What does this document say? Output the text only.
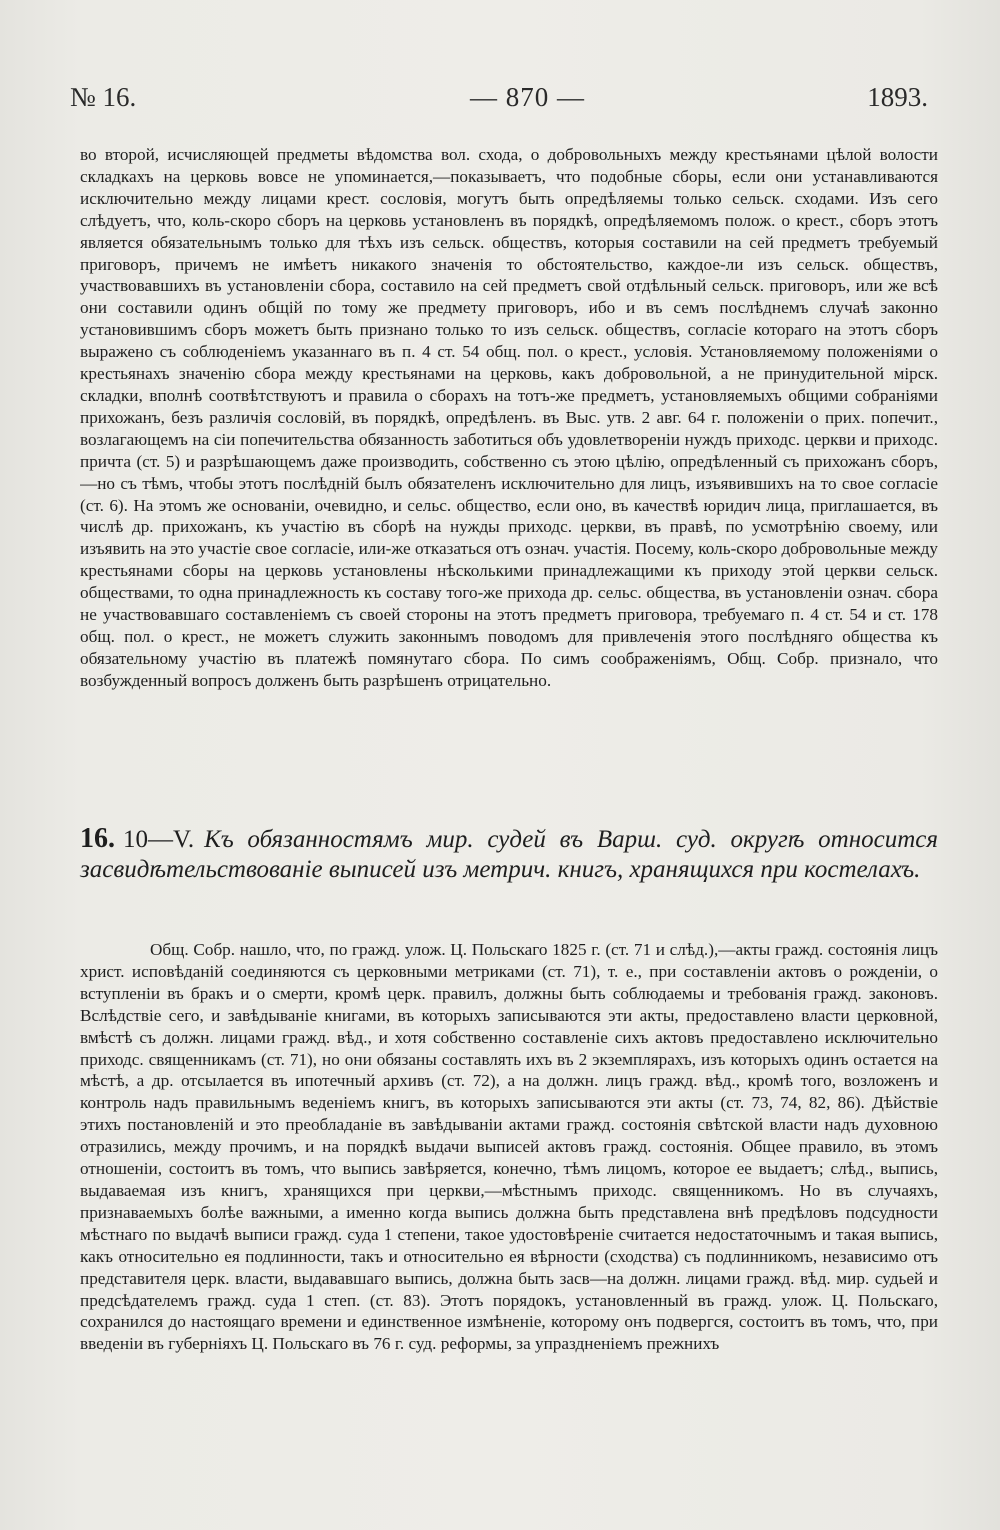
№ 16.	— 870 —	1893.

во второй, исчисляющей предметы вѣдомства вол. схода, о добровольныхъ между крестьянами цѣлой волости складкахъ на церковь вовсе не упоминается,—показываетъ, что подобные сборы, если они устанавливаются исключительно между лицами крест. сословія, могутъ быть опредѣляемы только сельск. сходами. Изъ сего слѣдуетъ, что, коль-скоро сборъ на церковь установленъ въ порядкѣ, опредѣляемомъ полож. о крест., сборъ этотъ является обязательнымъ только для тѣхъ изъ сельск. обществъ, которыя составили на сей предметъ требуемый приговоръ, причемъ не имѣетъ никакого значенія то обстоятельство, каждое-ли изъ сельск. обществъ, участвовавшихъ въ установленіи сбора, составило на сей предметъ свой отдѣльный сельск. приговоръ, или же всѣ они составили одинъ общій по тому же предмету приговоръ, ибо и въ семъ послѣднемъ случаѣ законно установившимъ сборъ можетъ быть признано только то изъ сельск. обществъ, согласіе котораго на этотъ сборъ выражено съ соблюденіемъ указаннаго въ п. 4 ст. 54 общ. пол. о крест., условія. Установляемому положеніями о крестьянахъ значенію сбора между крестьянами на церковь, какъ добровольной, а не принудительной мірск. складки, вполнѣ соотвѣтствуютъ и правила о сборахъ на тотъ-же предметъ, установляемыхъ общими собраніями прихожанъ, безъ различія сословій, въ порядкѣ, опредѣленъ. въ Выс. утв. 2 авг. 64 г. положеніи о прих. попечит., возлагающемъ на сіи попечительства обязанность заботиться объ удовлетвореніи нуждъ приходс. церкви и приходс. причта (ст. 5) и разрѣшающемъ даже производить, собственно съ этою цѣлію, опредѣленный съ прихожанъ сборъ,—но съ тѣмъ, чтобы этотъ послѣдній былъ обязателенъ исключительно для лицъ, изъявившихъ на то свое согласіе (ст. 6). На этомъ же основаніи, очевидно, и сельс. общество, если оно, въ качествѣ юридич лица, приглашается, въ числѣ др. прихожанъ, къ участію въ сборѣ на нужды приходс. церкви, въ правѣ, по усмотрѣнію своему, или изъявить на это участіе свое согласіе, или-же отказаться отъ означ. участія. Посему, коль-скоро добровольные между крестьянами сборы на церковь установлены нѣсколькими принадлежащими къ приходу этой церкви сельск. обществами, то одна принадлежность къ составу того-же прихода др. сельс. общества, въ установленіи означ. сбора не участвовавшаго составленіемъ съ своей стороны на этотъ предметъ приговора, требуемаго п. 4 ст. 54 и ст. 178 общ. пол. о крест., не можетъ служить законнымъ поводомъ для привлеченія этого послѣдняго общества къ обязательному участію въ платежѣ помянутаго сбора. По симъ соображеніямъ, Общ. Собр. признало, что возбужденный вопросъ долженъ быть разрѣшенъ отрицательно.

16. 10—V. Къ обязанностямъ мир. судей въ Варш. суд. округѣ относится засвидѣтельствованіе выписей изъ метрич. книгъ, хранящихся при костелахъ.

Общ. Собр. нашло, что, по гражд. улож. Ц. Польскаго 1825 г. (ст. 71 и слѣд.),—акты гражд. состоянія лицъ христ. исповѣданій соединяются съ церковными метриками (ст. 71), т. е., при составленіи актовъ о рожденіи, о вступленіи въ бракъ и о смерти, кромѣ церк. правилъ, должны быть соблюдаемы и требованія гражд. законовъ. Вслѣдствіе сего, и завѣдываніе книгами, въ которыхъ записываются эти акты, предоставлено власти церковной, вмѣстѣ съ должн. лицами гражд. вѣд., и хотя собственно составленіе сихъ актовъ предоставлено исключительно приходс. священникамъ (ст. 71), но они обязаны составлять ихъ въ 2 экземплярахъ, изъ которыхъ одинъ остается на мѣстѣ, а др. отсылается въ ипотечный архивъ (ст. 72), а на должн. лицъ гражд. вѣд., кромѣ того, возложенъ и контроль надъ правильнымъ веденіемъ книгъ, въ которыхъ записываются эти акты (ст. 73, 74, 82, 86). Дѣйствіе этихъ постановленій и это преобладаніе въ завѣдываніи актами гражд. состоянія свѣтской власти надъ духовною отразились, между прочимъ, и на порядкѣ выдачи выписей актовъ гражд. состоянія. Общее правило, въ этомъ отношеніи, состоитъ въ томъ, что выпись завѣряется, конечно, тѣмъ лицомъ, которое ее выдаетъ; слѣд., выпись, выдаваемая изъ книгъ, хранящихся при церкви,—мѣстнымъ приходс. священникомъ. Но въ случаяхъ, признаваемыхъ болѣе важными, а именно когда выпись должна быть представлена внѣ предѣловъ подсудности мѣстнаго по выдачѣ выписи гражд. суда 1 степени, такое удостовѣреніе считается недостаточнымъ и такая выпись, какъ относительно ея подлинности, такъ и относительно ея вѣрности (сходства) съ подлинникомъ, независимо отъ представителя церк. власти, выдававшаго выпись, должна быть засв—на должн. лицами гражд. вѣд. мир. судьей и предсѣдателемъ гражд. суда 1 степ. (ст. 83). Этотъ порядокъ, установленный въ гражд. улож. Ц. Польскаго, сохранился до настоящаго времени и единственное измѣненіе, которому онъ подвергся, состоитъ въ томъ, что, при введеніи въ губерніяхъ Ц. Польскаго въ 76 г. суд. реформы, за упраздненіемъ прежнихъ
